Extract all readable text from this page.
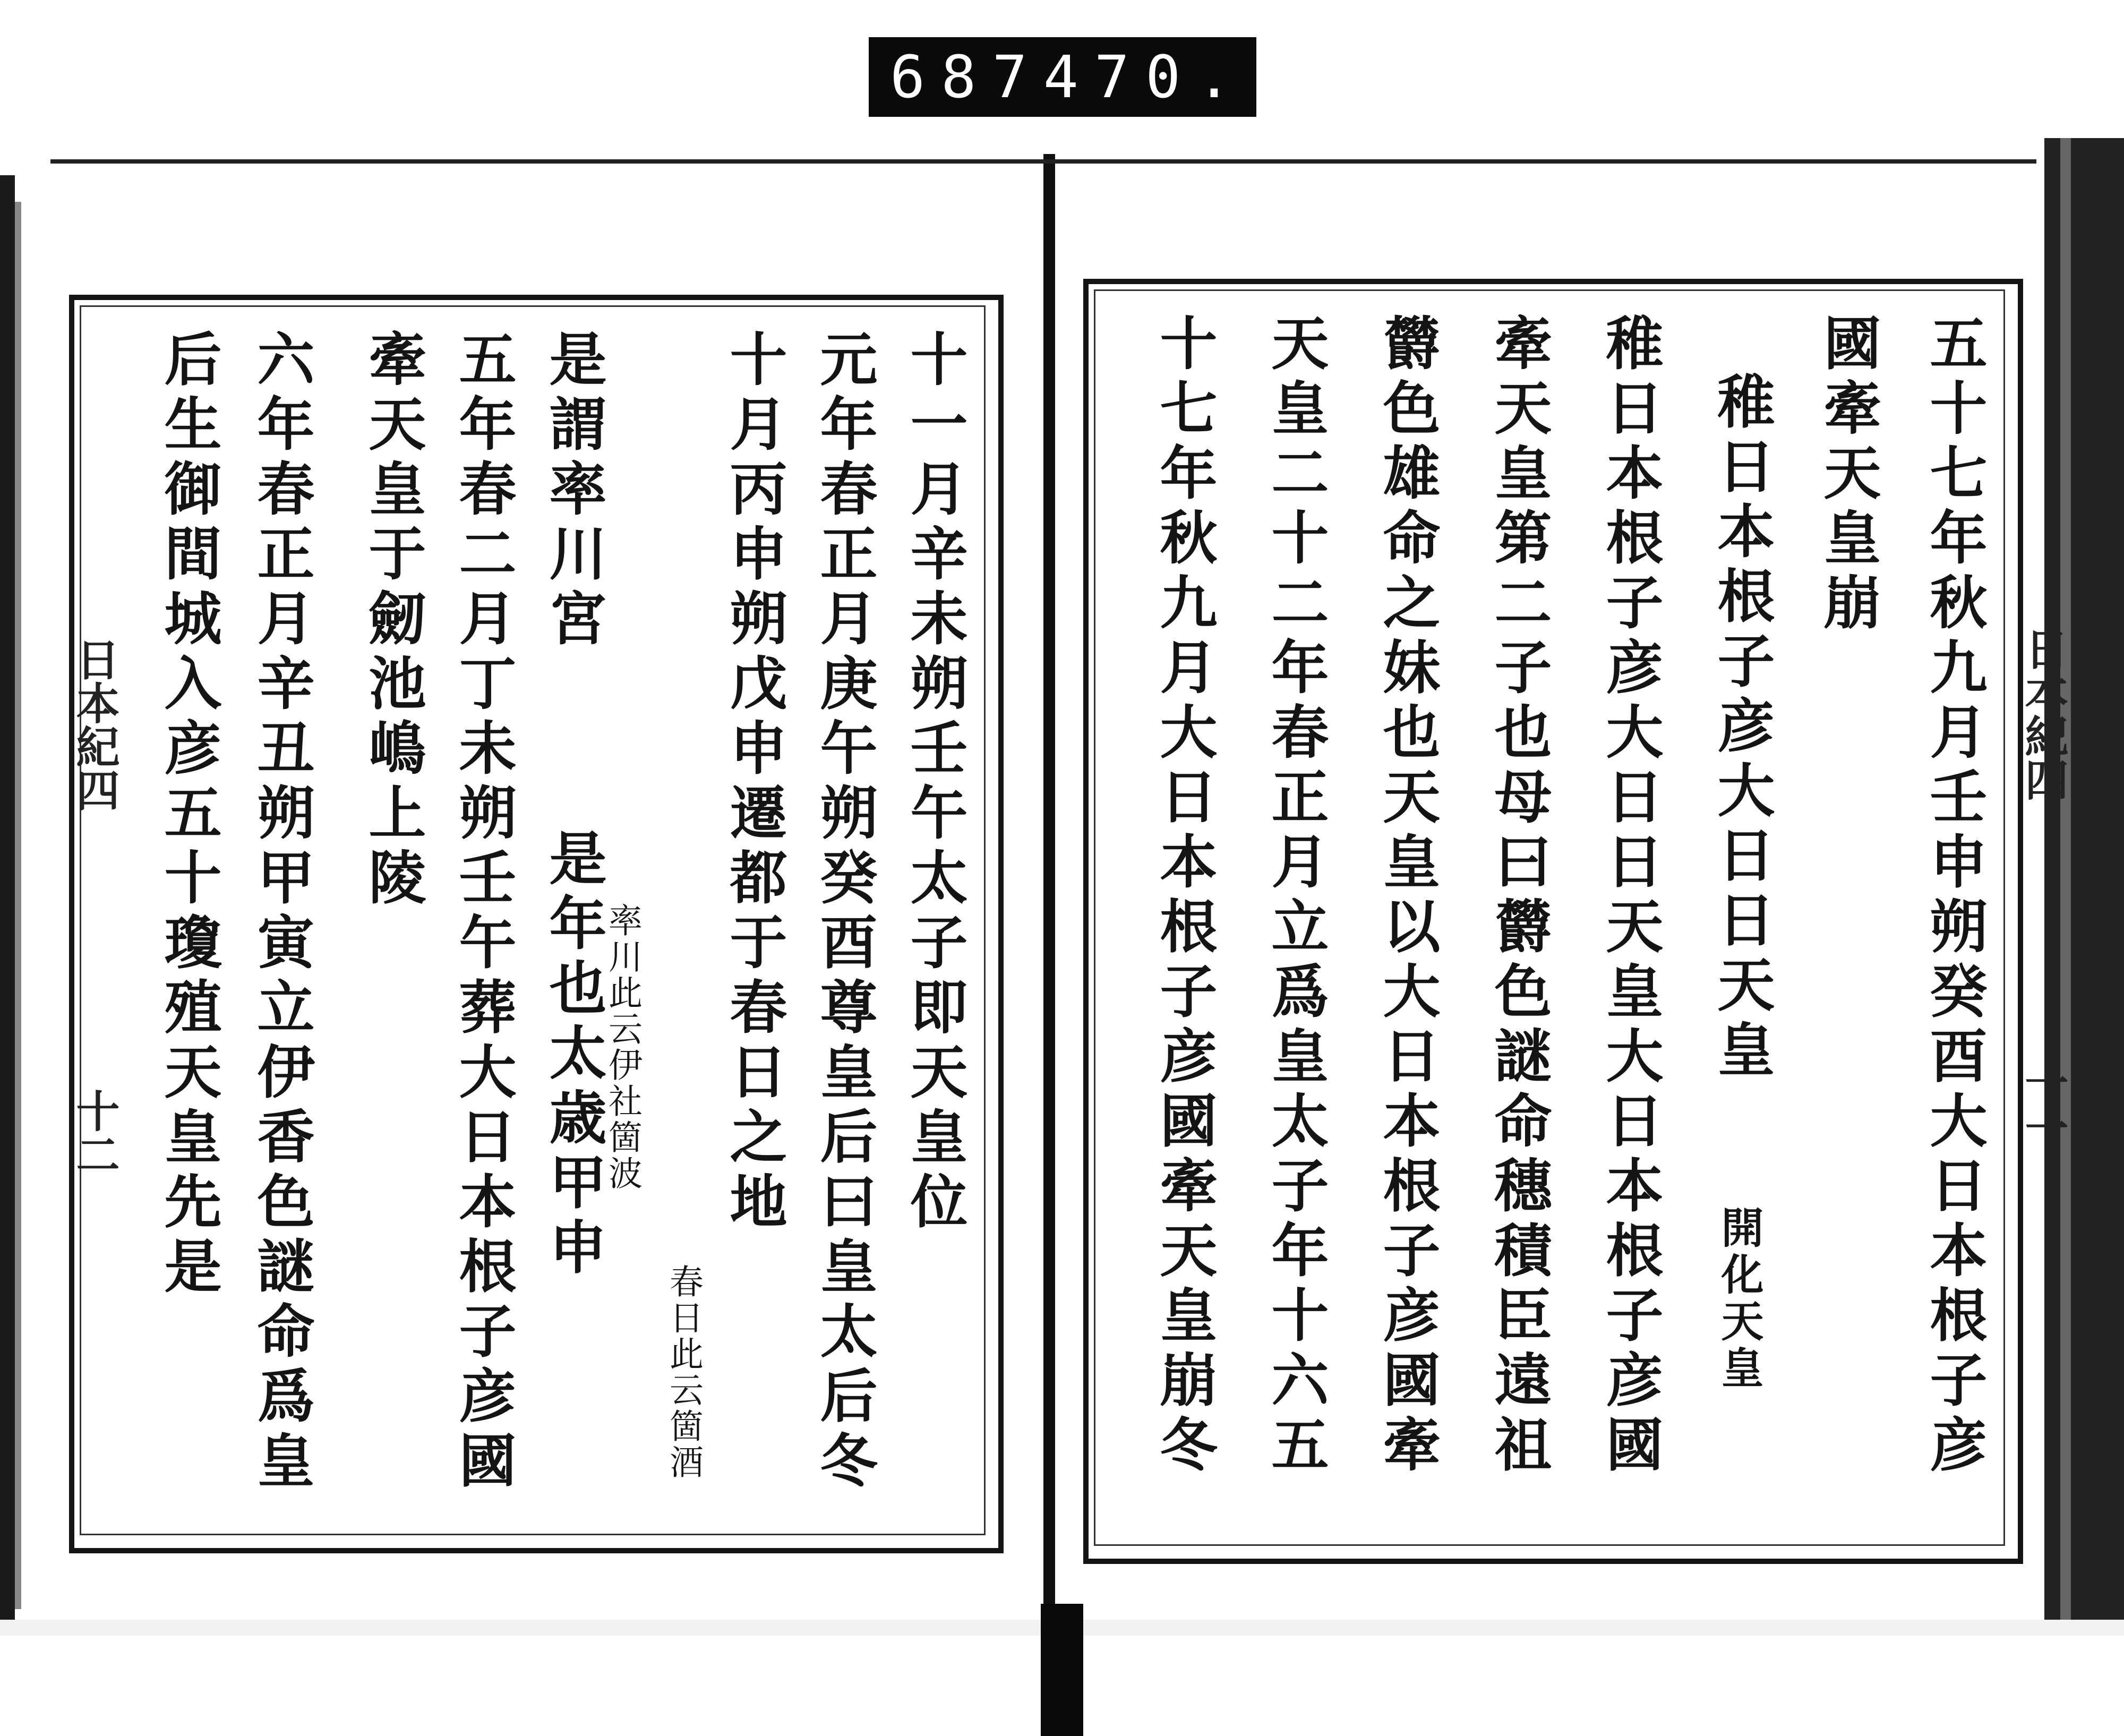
687 470.
日本紀四
十二	十一月辛未朔壬午太子即天皇位
元年春正月庚午朔癸酉尊皇后曰皇太后冬
十月丙申朔戊申遷都于春日之地
春日此云箇酒
是謂率川宮
率川此云伊社箇波
是年也太歳甲申
五年春二月丁未朔壬午葬大日本根子彦國
牽天皇于劒池嶋上陵
六年春正月辛丑朔甲寅立伊香色謎命爲皇
后生御間城入彦五十瓊殖天皇先是	日本紀四
十一
五十七年秋九月壬申朔癸酉大日本根子彦
國牽天皇崩
稚日本根子彦大日日天皇
開化天皇
稚日本根子彦大日日天皇大日本根子彦國
牽天皇第二子也母曰欝色謎命穗積臣遠祖
欝色雄命之妹也天皇以大日本根子彦國牽
天皇二十二年春正月立爲皇太子年十六五
十七年秋九月大日本根子彦國牽天皇崩冬
